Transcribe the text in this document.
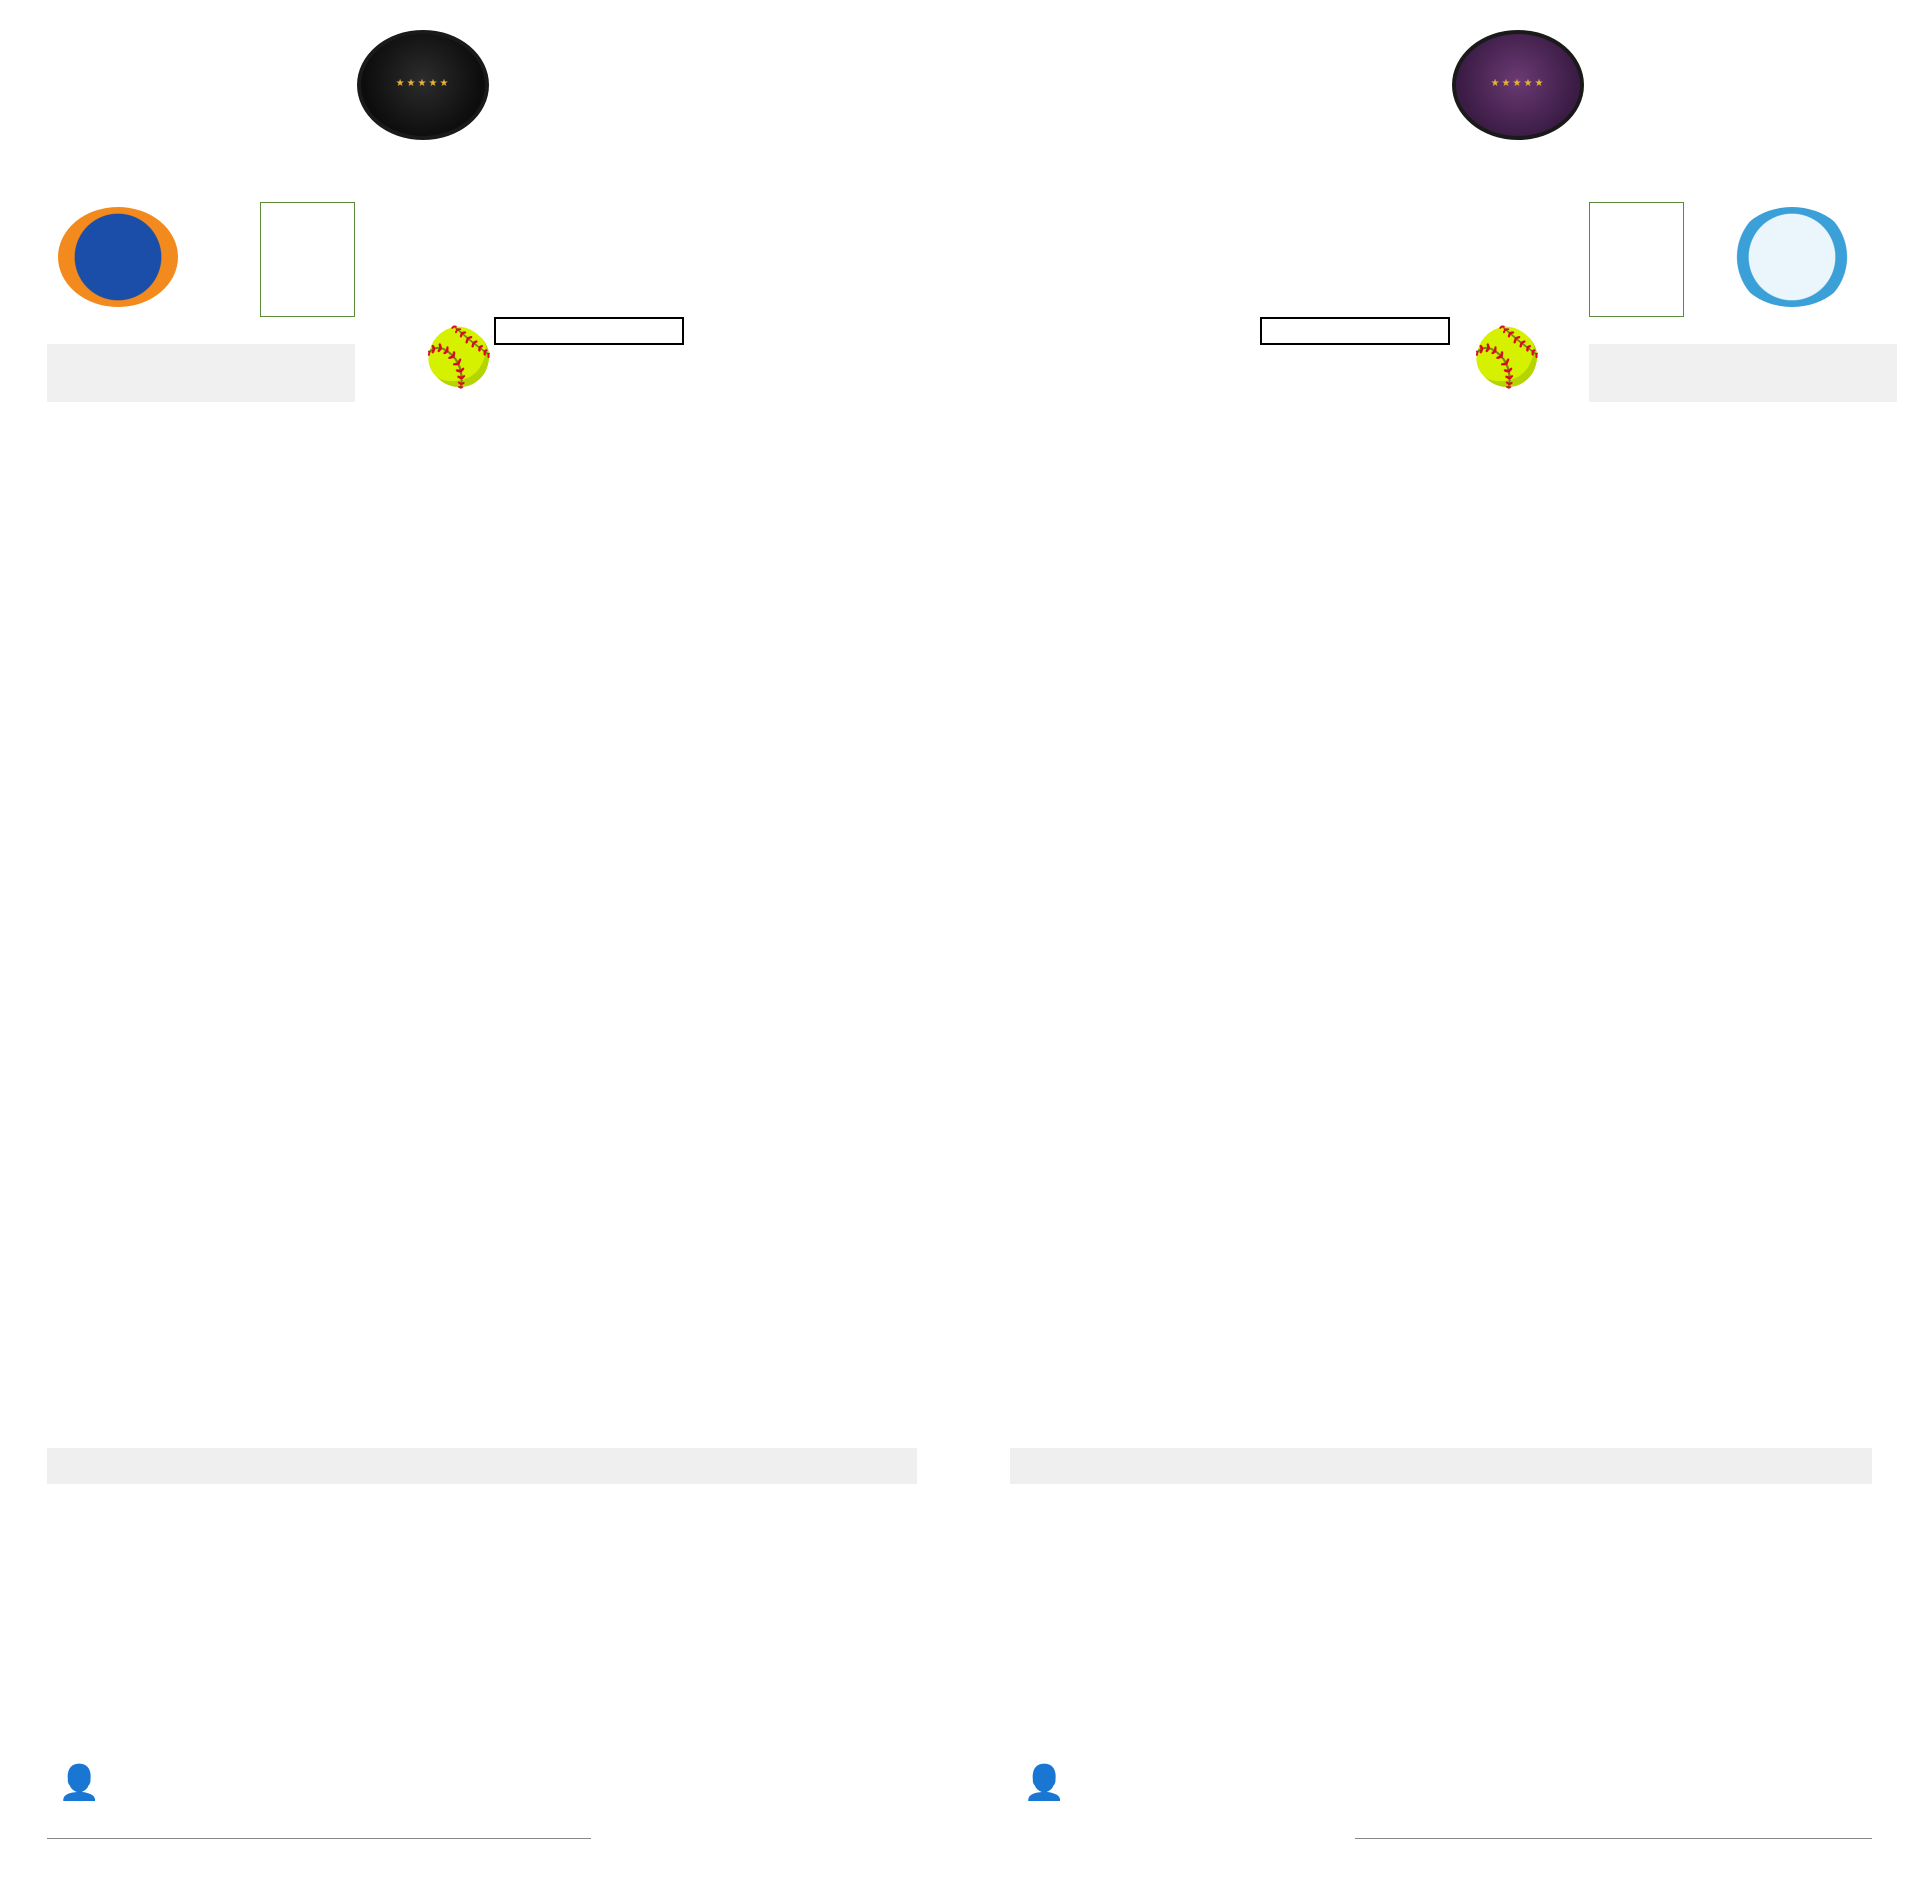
★★★★★	★★★★★
🥎	🥎
👤	👤
